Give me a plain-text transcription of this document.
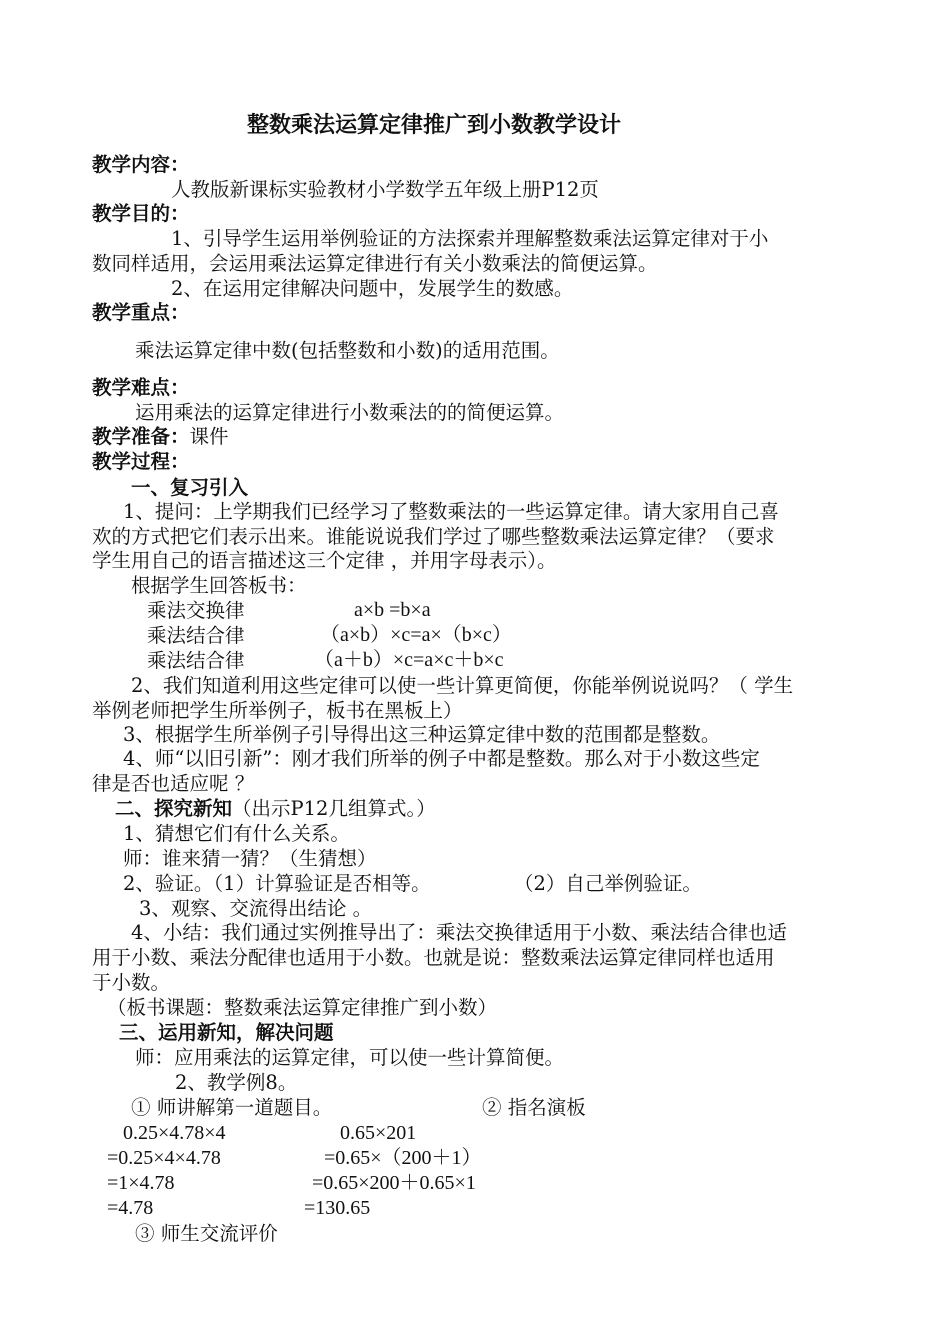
整数乘法运算定律推广到小数教学设计
教学内容：
人教版新课标实验教材小学数学五年级上册P12页
教学目的：
1、引导学生运用举例验证的方法探索并理解整数乘法运算定律对于小
数同样适用，会运用乘法运算定律进行有关小数乘法的简便运算。
2、在运用定律解决问题中，发展学生的数感。
教学重点：
乘法运算定律中数(包括整数和小数)的适用范围。
教学难点：
运用乘法的运算定律进行小数乘法的的简便运算。
教学准备：课件
教学过程：
一、复习引入
1、提问：上学期我们已经学习了整数乘法的一些运算定律。请大家用自己喜
欢的方式把它们表示出来。谁能说说我们学过了哪些整数乘法运算定律？（要求
学生用自己的语言描述这三个定律 ，并用字母表示）。
根据学生回答板书：
乘法交换律	a×b =b×a
乘法结合律	（a×b）×c=a×（b×c）
乘法结合律	（a＋b）×c=a×c＋b×c
2、我们知道利用这些定律可以使一些计算更简便，你能举例说说吗？（ 学生
举例老师把学生所举例子，板书在黑板上）
3、根据学生所举例子引导得出这三种运算定律中数的范围都是整数。
4、师“以旧引新”：刚才我们所举的例子中都是整数。那么对于小数这些定
律是否也适应呢 ？
二、探究新知（出示P12几组算式。）
1、猜想它们有什么关系。
师：谁来猜一猜？（生猜想）
2、验证。（1）计算验证是否相等。	（2）自己举例验证。
3、观察、交流得出结论 。
4、小结：我们通过实例推导出了：乘法交换律适用于小数、乘法结合律也适
用于小数、乘法分配律也适用于小数。也就是说：整数乘法运算定律同样也适用
于小数。
（板书课题：整数乘法运算定律推广到小数）
三、运用新知，解决问题
师：应用乘法的运算定律，可以使一些计算简便。
2、教学例8。
① 师讲解第一道题目。	② 指名演板
0.25×4.78×4	0.65×201
=0.25×4×4.78	=0.65×（200＋1）
=1×4.78	=0.65×200＋0.65×1
=4.78	=130.65
③ 师生交流评价
